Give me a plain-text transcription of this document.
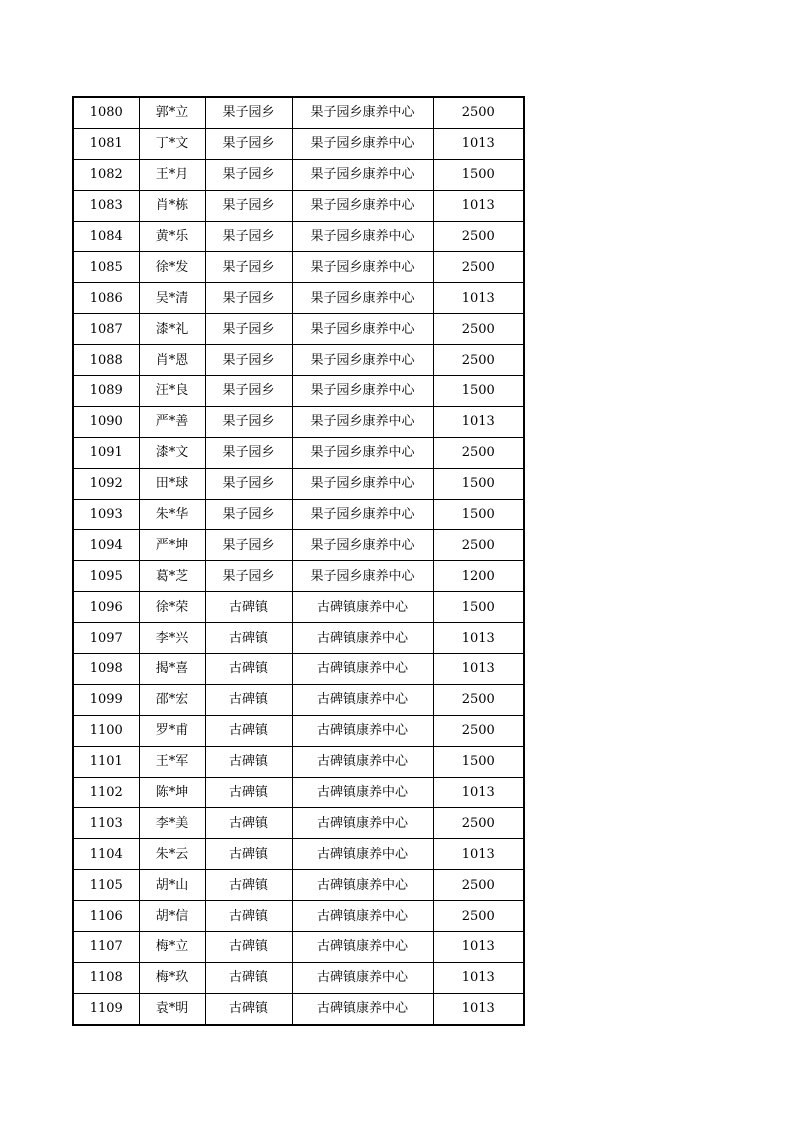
1080	郭*立	果子园乡	果子园乡康养中心	2500
1081	丁*文	果子园乡	果子园乡康养中心	1013
1082	王*月	果子园乡	果子园乡康养中心	1500
1083	肖*栋	果子园乡	果子园乡康养中心	1013
1084	黄*乐	果子园乡	果子园乡康养中心	2500
1085	徐*发	果子园乡	果子园乡康养中心	2500
1086	吴*清	果子园乡	果子园乡康养中心	1013
1087	漆*礼	果子园乡	果子园乡康养中心	2500
1088	肖*恩	果子园乡	果子园乡康养中心	2500
1089	汪*良	果子园乡	果子园乡康养中心	1500
1090	严*善	果子园乡	果子园乡康养中心	1013
1091	漆*文	果子园乡	果子园乡康养中心	2500
1092	田*球	果子园乡	果子园乡康养中心	1500
1093	朱*华	果子园乡	果子园乡康养中心	1500
1094	严*坤	果子园乡	果子园乡康养中心	2500
1095	葛*芝	果子园乡	果子园乡康养中心	1200
1096	徐*荣	古碑镇	古碑镇康养中心	1500
1097	李*兴	古碑镇	古碑镇康养中心	1013
1098	揭*喜	古碑镇	古碑镇康养中心	1013
1099	邵*宏	古碑镇	古碑镇康养中心	2500
1100	罗*甫	古碑镇	古碑镇康养中心	2500
1101	王*军	古碑镇	古碑镇康养中心	1500
1102	陈*坤	古碑镇	古碑镇康养中心	1013
1103	李*美	古碑镇	古碑镇康养中心	2500
1104	朱*云	古碑镇	古碑镇康养中心	1013
1105	胡*山	古碑镇	古碑镇康养中心	2500
1106	胡*信	古碑镇	古碑镇康养中心	2500
1107	梅*立	古碑镇	古碑镇康养中心	1013
1108	梅*玖	古碑镇	古碑镇康养中心	1013
1109	袁*明	古碑镇	古碑镇康养中心	1013
